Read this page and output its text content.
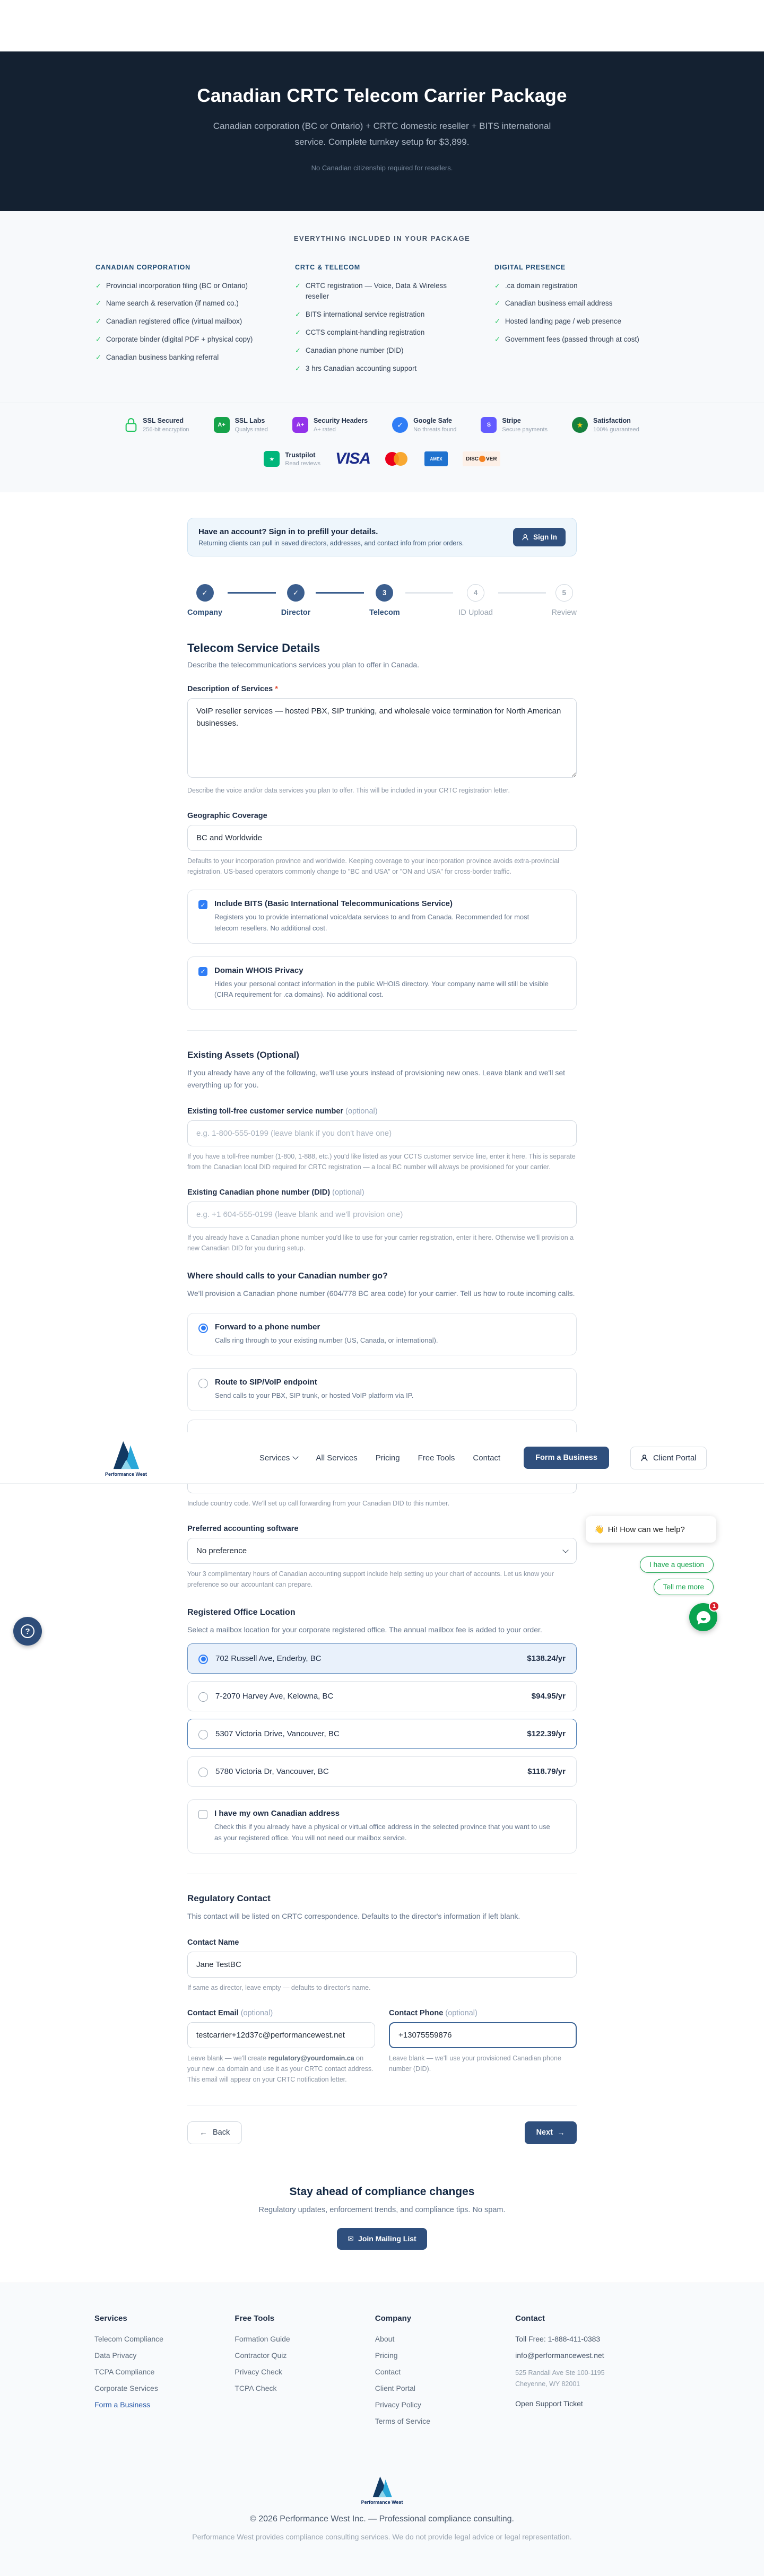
Canadian CRTC Telecom Carrier Package
Canadian corporation (BC or Ontario) + CRTC domestic reseller + BITS international service. Complete turnkey setup for $3,899.
No Canadian citizenship required for resellers.
EVERYTHING INCLUDED IN YOUR PACKAGE
CANADIAN CORPORATION
✓
Provincial incorporation filing (BC or Ontario)
✓
Name search & reservation (if named co.)
✓
Canadian registered office (virtual mailbox)
✓
Corporate binder (digital PDF + physical copy)
✓
Canadian business banking referral
CRTC & TELECOM
✓
CRTC registration — Voice, Data & Wireless reseller
✓
BITS international service registration
✓
CCTS complaint-handling registration
✓
Canadian phone number (DID)
✓
3 hrs Canadian accounting support
DIGITAL PRESENCE
✓
.ca domain registration
✓
Canadian business email address
✓
Hosted landing page / web presence
✓
Government fees (passed through at cost)
SSL Secured
256-bit encryption
A+
SSL Labs
Qualys rated
A+
Security Headers
A+ rated
✓	Google Safe
No threats found
S
Stripe
Secure payments
★	Satisfaction
100% guaranteed
★
Trustpilot
Read reviews VISA	AMEX	DISC VER
Have an account? Sign in to prefill your details.
Returning clients can pull in saved directors, addresses, and contact info from prior orders.
Sign In
✓
Company
✓
Director
3
Telecom
4
ID Upload
5
Review
Telecom Service Details
Describe the telecommunications services you plan to offer in Canada.
Description of Services *
VoIP reseller services — hosted PBX, SIP trunking, and wholesale voice termination for North American businesses.
Describe the voice and/or data services you plan to offer. This will be included in your CRTC registration letter.
Geographic Coverage
BC and Worldwide
Defaults to your incorporation province and worldwide. Keeping coverage to your incorporation province avoids extra-provincial registration. US-based operators commonly change to "BC and USA" or "ON and USA" for cross-border traffic.
✓
Include BITS (Basic International Telecommunications Service)
Registers you to provide international voice/data services to and from Canada. Recommended for most telecom resellers. No additional cost.
✓
Domain WHOIS Privacy
Hides your personal contact information in the public WHOIS directory. Your company name will still be visible (CIRA requirement for .ca domains). No additional cost.
Existing Assets (Optional)
If you already have any of the following, we'll use yours instead of provisioning new ones. Leave blank and we'll set everything up for you.
Existing toll-free customer service number (optional)
e.g. 1-800-555-0199 (leave blank if you don't have one)
If you have a toll-free number (1-800, 1-888, etc.) you'd like listed as your CCTS customer service line, enter it here. This is separate from the Canadian local DID required for CRTC registration — a local BC number will always be provisioned for your carrier.
Existing Canadian phone number (DID) (optional)
e.g. +1 604-555-0199 (leave blank and we'll provision one)
If you already have a Canadian phone number you'd like to use for your carrier registration, enter it here. Otherwise we'll provision a new Canadian DID for you during setup.
Where should calls to your Canadian number go?
We'll provision a Canadian phone number (604/778 BC area code) for your carrier. Tell us how to route incoming calls.
Forward to a phone number
Calls ring through to your existing number (US, Canada, or international).
Route to SIP/VoIP endpoint
Send calls to your PBX, SIP trunk, or hosted VoIP platform via IP.
Performance West
Services	All Services Pricing Free Tools Contact	Form a Business	Client Portal
Include country code. We'll set up call forwarding from your Canadian DID to this number.
Preferred accounting software
No preference
Your 3 complimentary hours of Canadian accounting support include help setting up your chart of accounts. Let us know your preference so our accountant can prepare.
Registered Office Location
Select a mailbox location for your corporate registered office. The annual mailbox fee is added to your order.
702 Russell Ave, Enderby, BC	$138.24/yr
7-2070 Harvey Ave, Kelowna, BC	$94.95/yr
5307 Victoria Drive, Vancouver, BC	$122.39/yr
5780 Victoria Dr, Vancouver, BC	$118.79/yr
I have my own Canadian address
Check this if you already have a physical or virtual office address in the selected province that you want to use as your registered office. You will not need our mailbox service.
Regulatory Contact
This contact will be listed on CRTC correspondence. Defaults to the director's information if left blank.
Contact Name
Jane TestBC
If same as director, leave empty — defaults to director's name.
Contact Email (optional)
testcarrier+12d37c@performancewest.net
Leave blank — we'll create regulatory@yourdomain.ca on your new .ca domain and use it as your CRTC contact address. This email will appear on your CRTC notification letter.
Contact Phone (optional)
+13075559876
Leave blank — we'll use your provisioned Canadian phone number (DID).
← Back	Next →
Stay ahead of compliance changes

Regulatory updates, enforcement trends, and compliance tips. No spam.

✉ Join Mailing List
Services
Telecom Compliance
Data Privacy
TCPA Compliance
Corporate Services
Form a Business
Free Tools
Formation Guide
Contractor Quiz
Privacy Check
TCPA Check
Company
About
Pricing
Contact
Client Portal
Privacy Policy
Terms of Service
Contact
Toll Free: 1-888-411-0383
info@performancewest.net
525 Randall Ave Ste 100-1195
Cheyenne, WY 82001
Open Support Ticket
Performance West
© 2026 Performance West Inc. — Professional compliance consulting.
Performance West provides compliance consulting services. We do not provide legal advice or legal representation.
👋 Hi! How can we help?
I have a question
Tell me more
1
?
